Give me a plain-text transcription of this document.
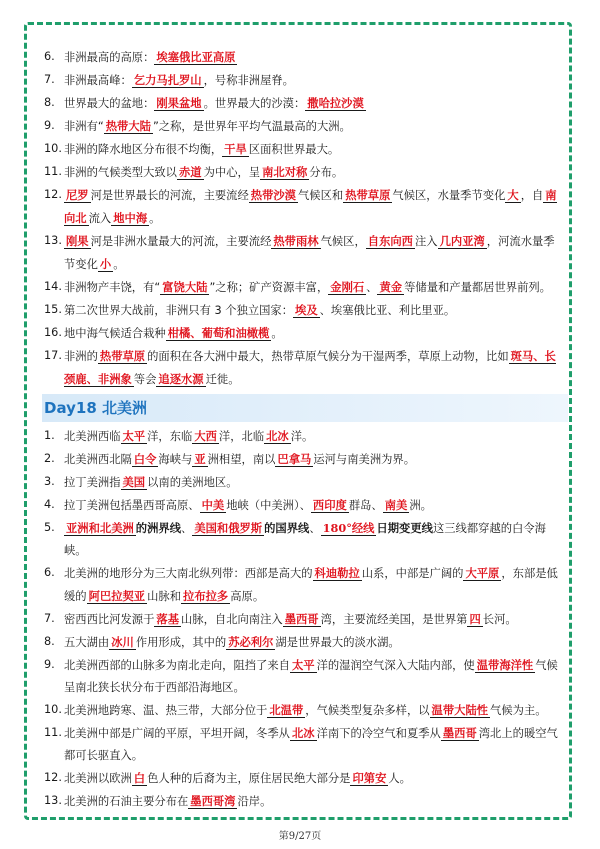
6. 非洲最高的高原： 埃塞俄比亚高原
7. 非洲最高峰： 乞力马扎罗山 ，号称非洲屋脊。
8. 世界最大的盆地： 刚果盆地 。世界最大的沙漠： 撒哈拉沙漠
9. 非洲有“ 热带大陆 ”之称，是世界年平均气温最高的大洲。
10. 非洲的降水地区分布很不均衡， 干旱 区面积世界最大。
11. 非洲的气候类型大致以 赤道 为中心，呈 南北对称 分布。
12. 尼罗 河是世界最长的河流，主要流经 热带沙漠 气候区和 热带草原 气候区，水量季节变化 大 ，自 南向北 流入 地中海 。
13. 刚果 河是非洲水量最大的河流，主要流经 热带雨林 气候区， 自东向西 注入 几内亚湾 ，河流水量季节变化 小 。
14. 非洲物产丰饶，有“ 富饶大陆 ”之称；矿产资源丰富， 金刚石 、 黄金 等储量和产量都居世界前列。
15. 第二次世界大战前，非洲只有 3 个独立国家： 埃及 、埃塞俄比亚、利比里亚。
16. 地中海气候适合栽种 柑橘、葡萄和油橄榄 。
17. 非洲的 热带草原 的面积在各大洲中最大，热带草原气候分为干湿两季，草原上动物，比如 斑马、长颈鹿、非洲象 等会 追逐水源 迁徙。
Day18 北美洲
1. 北美洲西临 太平 洋，东临 大西 洋，北临 北冰 洋。
2. 北美洲西北隔 白令 海峡与 亚 洲相望，南以 巴拿马 运河与南美洲为界。
3. 拉丁美洲指 美国 以南的美洲地区。
4. 拉丁美洲包括墨西哥高原、 中美 地峡（中美洲）、 西印度 群岛、 南美 洲。
5. 亚洲和北美洲 的洲界线、 美国和俄罗斯 的国界线、 180°经线 日期变更线这三线都穿越的白令海峡。
6. 北美洲的地形分为三大南北纵列带：西部是高大的 科迪勒拉 山系，中部是广阔的 大平原 ，东部是低缓的 阿巴拉契亚 山脉和 拉布拉多 高原。
7. 密西西比河发源于 落基 山脉，自北向南注入 墨西哥 湾，主要流经美国，是世界第 四 长河。
8. 五大湖由 冰川 作用形成，其中的 苏必利尔 湖是世界最大的淡水湖。
9. 北美洲西部的山脉多为南北走向，阻挡了来自 太平 洋的湿润空气深入大陆内部，使 温带海洋性 气候呈南北狭长状分布于西部沿海地区。
10. 北美洲地跨寒、温、热三带，大部分位于 北温带 ，气候类型复杂多样，以 温带大陆性 气候为主。
11. 北美洲中部是广阔的平原，平坦开阔，冬季从 北冰 洋南下的冷空气和夏季从 墨西哥 湾北上的暖空气都可长驱直入。
12. 北美洲以欧洲 白 色人种的后裔为主，原住居民绝大部分是 印第安 人。
13. 北美洲的石油主要分布在 墨西哥湾 沿岸。
第9/27页
